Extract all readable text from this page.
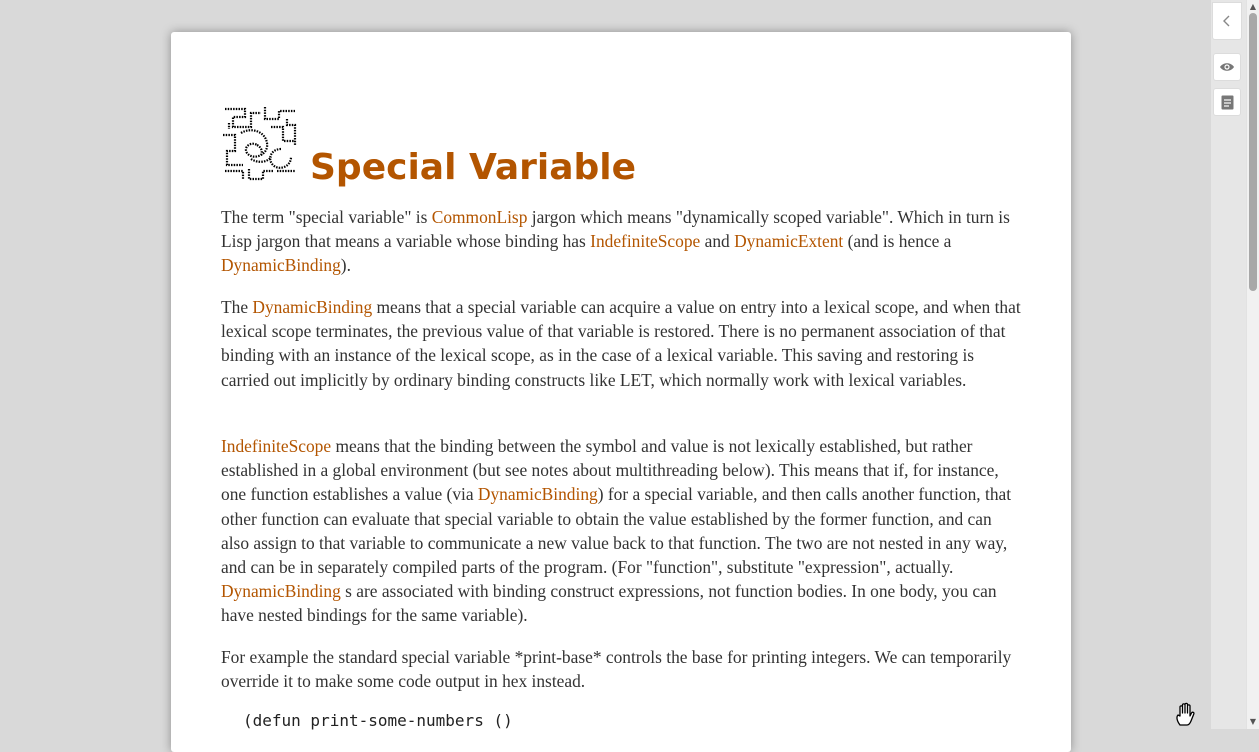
Special Variable

The term "special variable" is CommonLisp jargon which means "dynamically scoped variable". Which in turn is Lisp jargon that means a variable whose binding has IndefiniteScope and DynamicExtent (and is hence a DynamicBinding).

The DynamicBinding means that a special variable can acquire a value on entry into a lexical scope, and when that lexical scope terminates, the previous value of that variable is restored. There is no permanent association of that binding with an instance of the lexical scope, as in the case of a lexical variable. This saving and restoring is carried out implicitly by ordinary binding constructs like LET, which normally work with lexical variables.

IndefiniteScope means that the binding between the symbol and value is not lexically established, but rather established in a global environment (but see notes about multithreading below). This means that if, for instance, one function establishes a value (via DynamicBinding) for a special variable, and then calls another function, that other function can evaluate that special variable to obtain the value established by the former function, and can also assign to that variable to communicate a new value back to that function. The two are not nested in any way, and can be in separately compiled parts of the program. (For "function", substitute "expression", actually. DynamicBinding s are associated with binding construct expressions, not function bodies. In one body, you can have nested bindings for the same variable).

For example the standard special variable *print-base* controls the base for printing integers. We can temporarily override it to make some code output in hex instead.

(defun print-some-numbers ()
▲
▼
